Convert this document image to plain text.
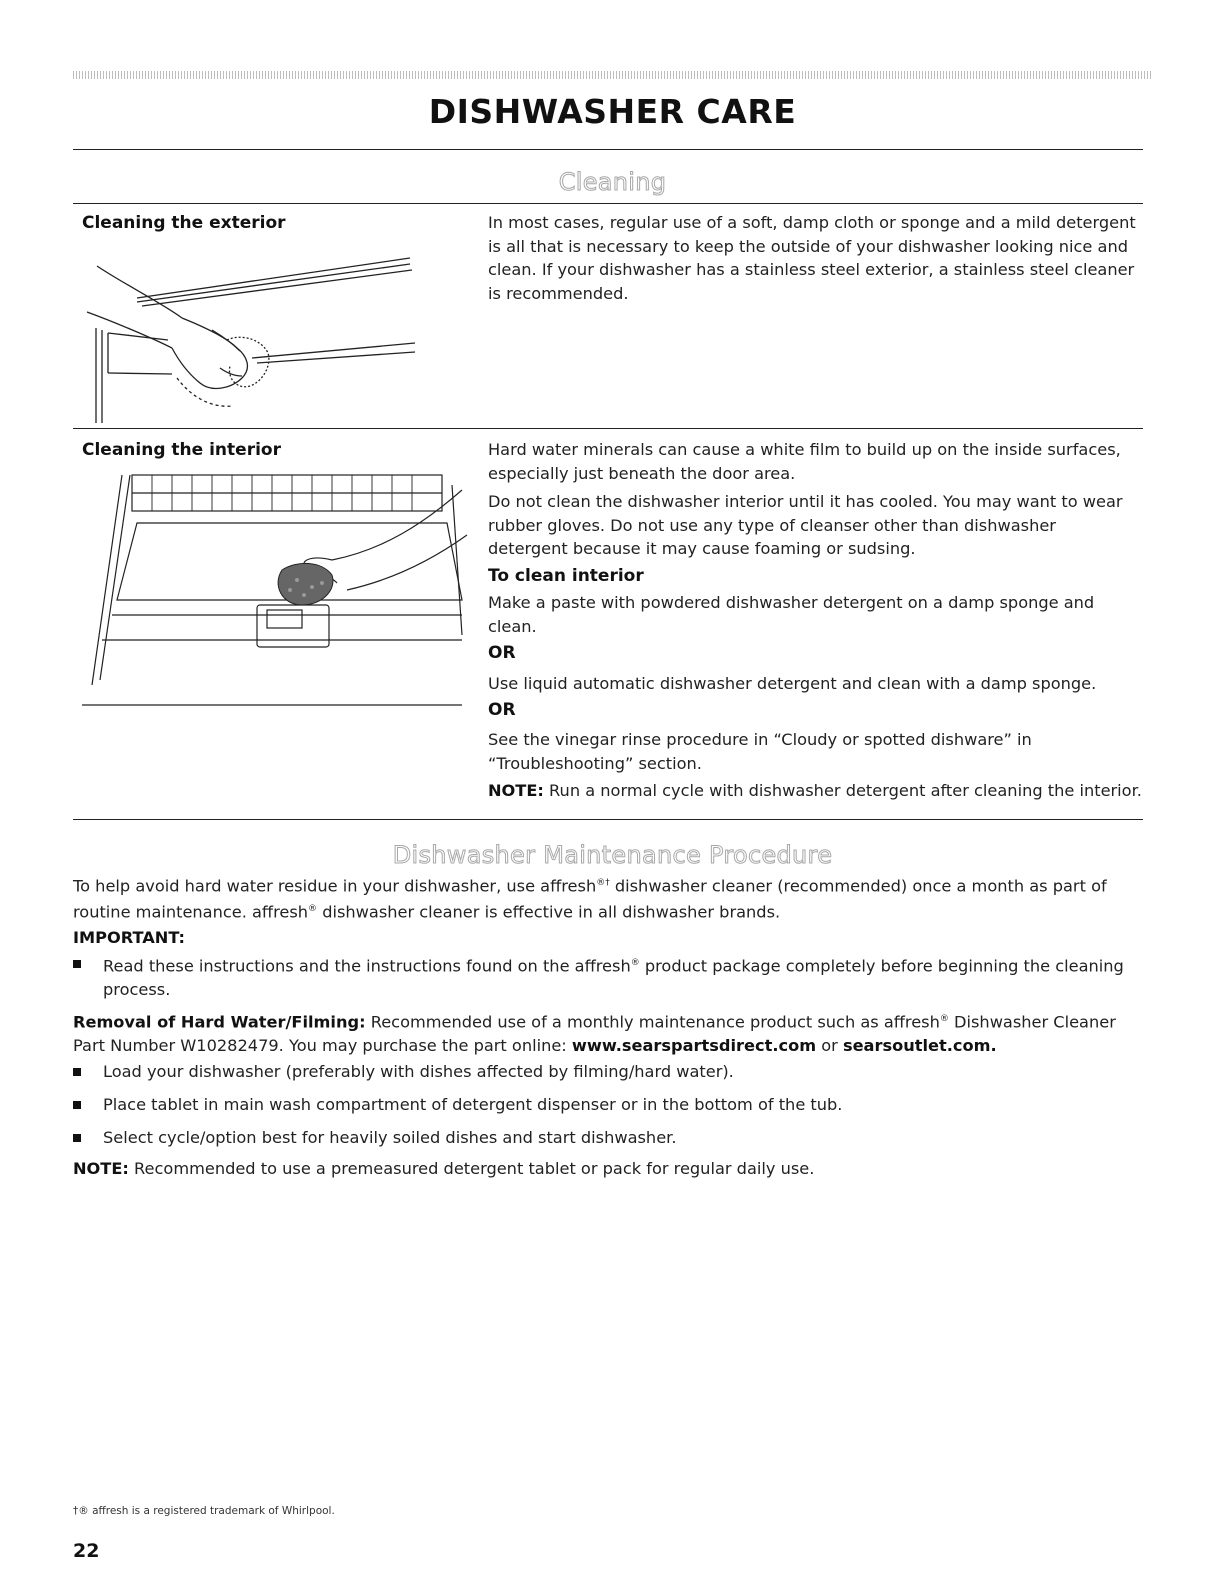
DISHWASHER CARE
Cleaning
Cleaning the exterior	In most cases, regular use of a soft, damp cloth or sponge and a mild detergent is all that is necessary to keep the outside of your dishwasher looking nice and clean. If your dishwasher has a stainless steel exterior, a stainless steel cleaner is recommended.
Cleaning the interior	Hard water minerals can cause a white film to build up on the inside surfaces, especially just beneath the door area.
Do not clean the dishwasher interior until it has cooled. You may want to wear rubber gloves. Do not use any type of cleanser other than dishwasher detergent because it may cause foaming or sudsing.
To clean interior
Make a paste with powdered dishwasher detergent on a damp sponge and clean.
OR
Use liquid automatic dishwasher detergent and clean with a damp sponge.
OR
See the vinegar rinse procedure in “Cloudy or spotted dishware” in “Troubleshooting” section.
NOTE: Run a normal cycle with dishwasher detergent after cleaning the interior.
Dishwasher Maintenance Procedure
To help avoid hard water residue in your dishwasher, use affresh®† dishwasher cleaner (recommended) once a month as part of routine maintenance. affresh® dishwasher cleaner is effective in all dishwasher brands.
IMPORTANT:
Read these instructions and the instructions found on the affresh® product package completely before beginning the cleaning process.
Removal of Hard Water/Filming: Recommended use of a monthly maintenance product such as affresh® Dishwasher Cleaner Part Number W10282479. You may purchase the part online: www.searspartsdirect.com or searsoutlet.com.
Load your dishwasher (preferably with dishes affected by filming/hard water).
Place tablet in main wash compartment of detergent dispenser or in the bottom of the tub.
Select cycle/option best for heavily soiled dishes and start dishwasher.
NOTE: Recommended to use a premeasured detergent tablet or pack for regular daily use.
†® affresh is a registered trademark of Whirlpool.
22
